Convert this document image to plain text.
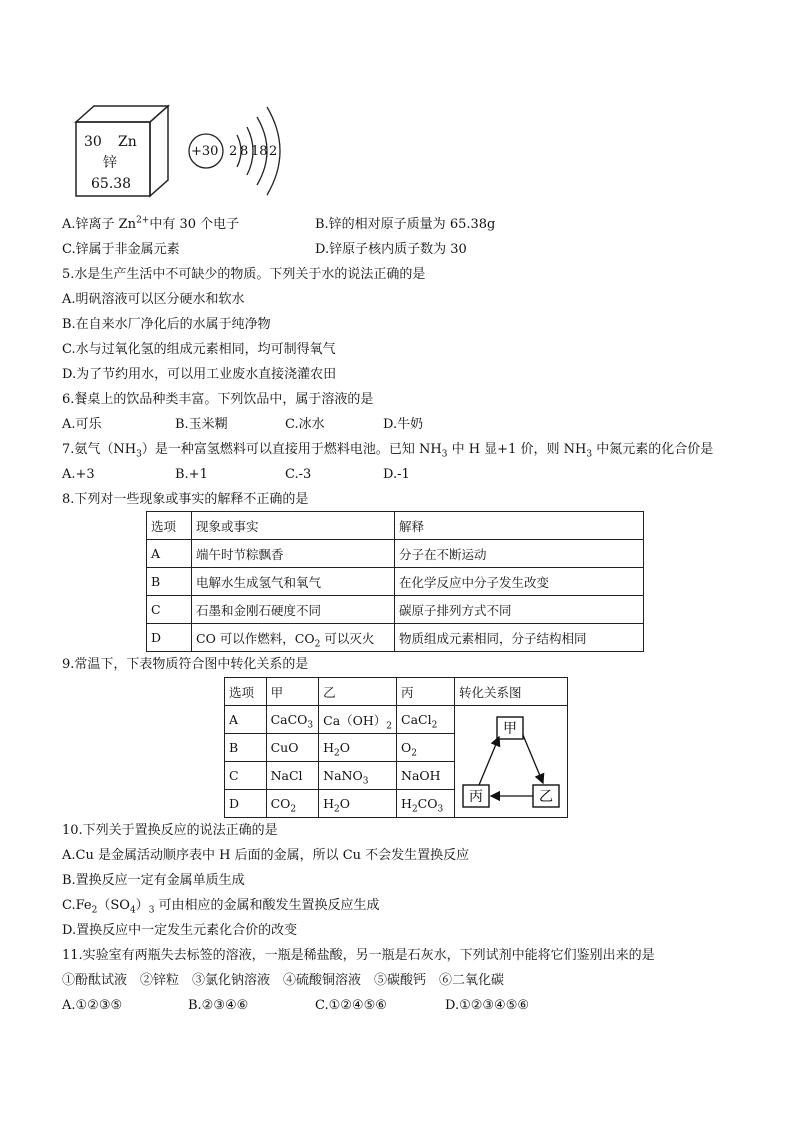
30 Zn
锌
65.38
+30 2 8 18 2
A.锌离子 $Zn^{2+}$中有 30 个电子	B.锌的相对原子质量为 65.38g
C.锌属于非金属元素	D.锌原子核内质子数为 30
5.水是生产生活中不可缺少的物质。下列关于水的说法正确的是
A.明矾溶液可以区分硬水和软水
B.在自来水厂净化后的水属于纯净物
C.水与过氧化氢的组成元素相同，均可制得氧气
D.为了节约用水，可以用工业废水直接浇灌农田
6.餐桌上的饮品种类丰富。下列饮品中，属于溶液的是
A.可乐	B.玉米糊	C.冰水	D.牛奶
7.氨气$(NH_3)$是一种富氢燃料可以直接用于燃料电池。已知 $NH_3$ 中 H 显+1 价，则 $NH_3$ 中氮元素的化合价是
A.+3	B.+1	C.-3	D.-1
8.下列对一些现象或事实的解释不正确的是
选项	现象或事实	解释
A	端午时节粽飘香	分子在不断运动
B	电解水生成氢气和氧气	在化学反应中分子发生改变
C	石墨和金刚石硬度不同	碳原子排列方式不同
D	CO 可以作燃料，$CO_2$ 可以灭火	物质组成元素相同，分子结构相同
9.常温下，下表物质符合图中转化关系的是
选项	甲	乙	丙	转化关系图
A	CaCO$_3$	$Ca(OH)_2$	CaCl$_2$	甲
丙 乙

B	CuO	$H_2O$	$O_2$
C	NaCl	NaNO$_3$	NaOH	
D	$CO_2$	$H_2O$	$H_2CO_3$
10.下列关于置换反应的说法正确的是
A.Cu 是金属活动顺序表中 H 后面的金属，所以 Cu 不会发生置换反应
B.置换反应一定有金属单质生成
$C.Fe_2(SO_4)_3$ 可由相应的金属和酸发生置换反应生成
D.置换反应中一定发生元素化合价的改变
11.实验室有两瓶失去标签的溶液，一瓶是稀盐酸，另一瓶是石灰水，下列试剂中能将它们鉴别出来的是
①酚酞试液　②锌粒　③氯化钠溶液　④硫酸铜溶液　⑤碳酸钙　⑥二氧化碳
A.①②③⑤	B.②③④⑥	C.①②④⑤⑥	D.①②③④⑤⑥
